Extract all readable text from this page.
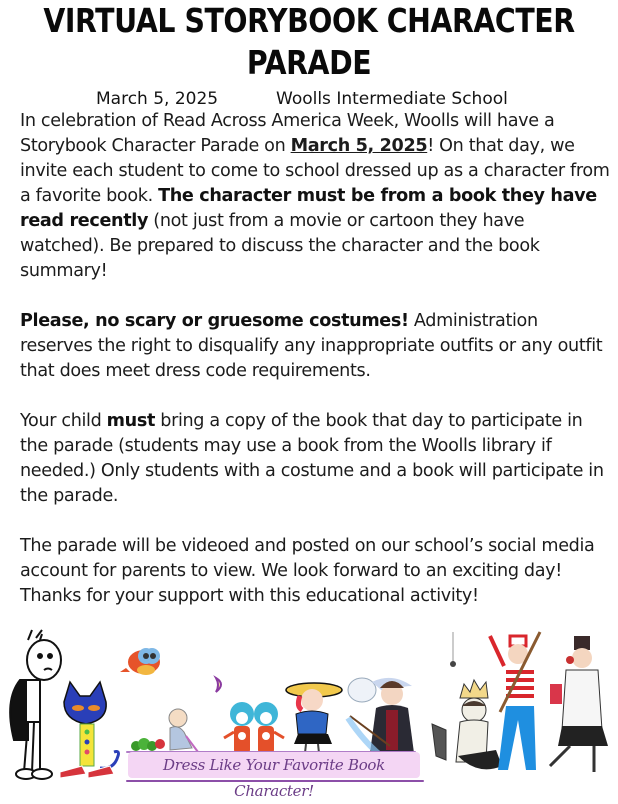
VIRTUAL STORYBOOK CHARACTER
PARADE
March 5, 2025	Woolls Intermediate School

In celebration of Read Across America Week, Woolls will have a Storybook Character Parade on March 5, 2025! On that day, we invite each student to come to school dressed up as a character from a favorite book. The character must be from a book they have read recently (not just from a movie or cartoon they have watched). Be prepared to discuss the character and the book summary!

Please, no scary or gruesome costumes! Administration reserves the right to disqualify any inappropriate outfits or any outfit that does meet dress code requirements.

Your child must bring a copy of the book that day to participate in the parade (students may use a book from the Woolls library if needed.) Only students with a costume and a book will participate in the parade.

The parade will be videoed and posted on our school’s social media account for parents to view. We look forward to an exciting day! Thanks for your support with this educational activity!

Dress Like Your Favorite Book Character!
